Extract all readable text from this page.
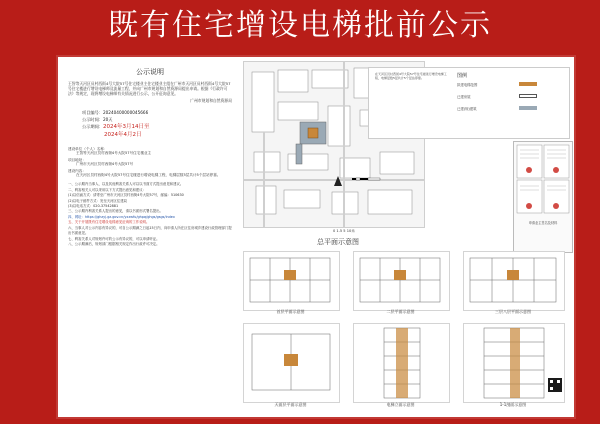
既有住宅增设电梯批前公示
公示说明
王智等天河区员村西街4号大院57号住宅楼业主住宅楼业主组在广州市天河区员村西街4号大院57号住宅楼进行增设电梯师及流量工程，并向广州市规划和自然资源局提出申请。根据《行政许可法》等规定，现将增设电梯师有关情况进行公示，公开征询意见。
广州市规划和自然资源局
项目编号：20240400000045666
公示时间：20天
公示期间：2024年3月14日至
2024年4月2日
建设单位（个人）名称：
王智等天河区员村西街4号大院57号住宅楼业主
项目地址：
广州市天河区员村西街4号大院57号
建设内容：
在天河区员村西街4号大院57号住宅楼进行增设电梯工程，电梯层数5层共计5个层站停靠。
一、公示期内当事人、以及其他利害关系人可以以书面方式提出意见和建议。
二、利害相关人可以采用以下方式提出意见和建议：
(1)以信函方式：请寄至广州市天河区员村西街4号大院57号，邮编：510630
(2)以电子邮件方式：发至天河区住建局
(3)以电话方式：020-37542881
三、公示期内利害关系人提出的意见，请以书面形式署名提出。
四、网址：https://ghzyj.gz.gov.cn/yxzwfu/ghpq/ghgs/gsgs/index
五、关于开展既有住宅增设电梯意见征询的工作说明。
六、当事人对公示内容有异议的，可自公示期满之日起15日内，向申请人所在区住房城乡建设行政管理部门提出书面意见。
七、利害关系人对规划许可的公示有异议的，可以申请听证。
八、公示期满后，规划部门根据相关规定作出行政许可决定。
在天河区员村西街4号大院57号住宅楼进行增设电梯工程，电梯层数5层共计5个层站停靠。	图例
拟建电梯范围
已建房屋
已建(规)建筑
申请业主签名及材料
总平面示意图
0 1.5 5 10米
首层平面示意图	二层平面示意图	三层八层平面示意图
天面层平面示意图	电梯立面示意图	1-1剖面示意图
